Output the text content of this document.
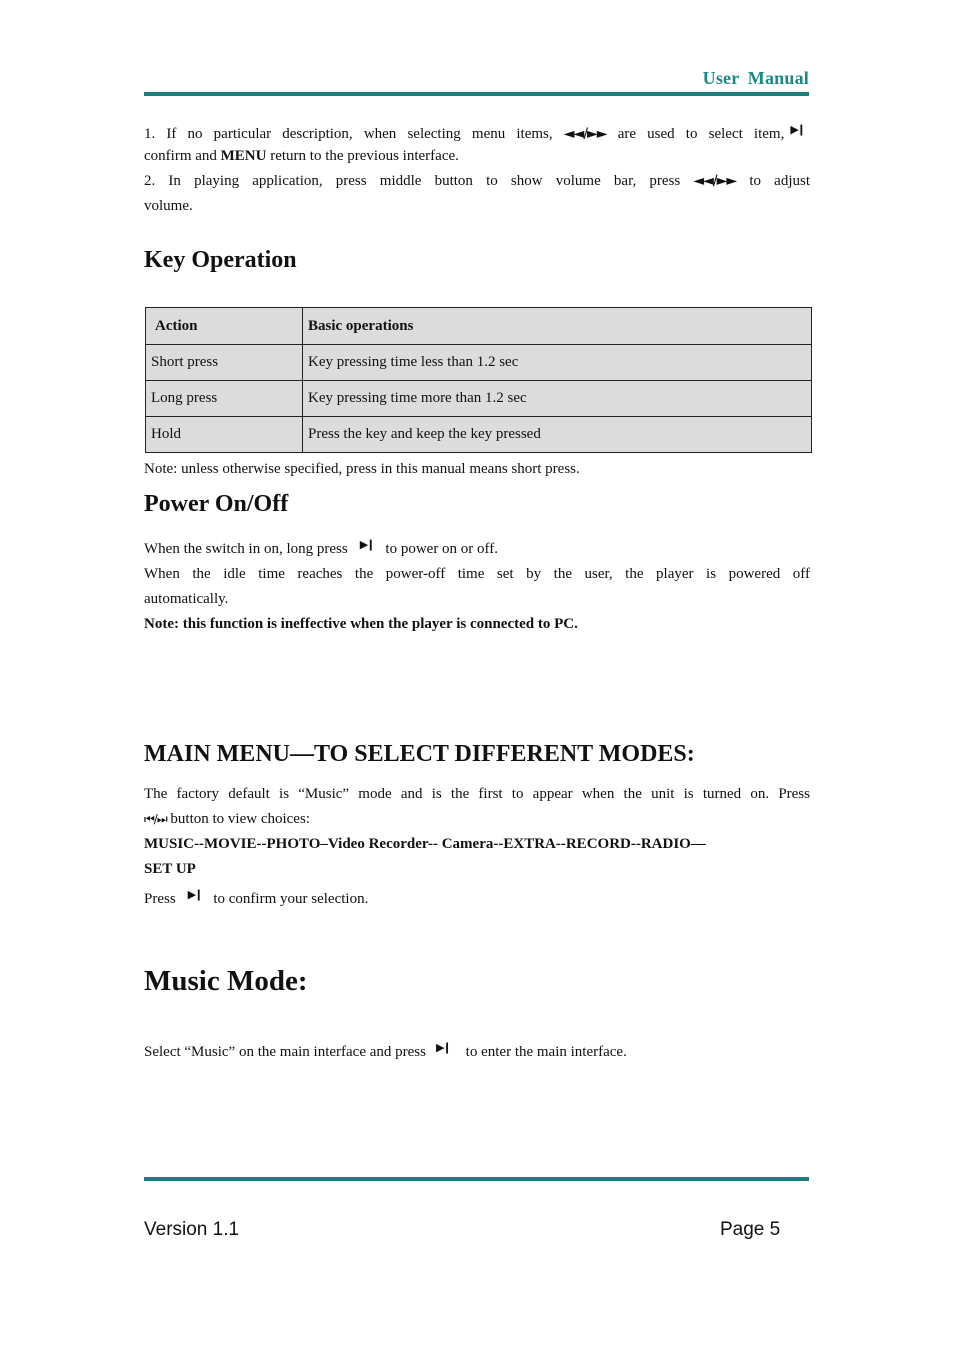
User Manual
1. If no particular description, when selecting menu items, ◄◄/►► are used to select item, ▶❙
confirm and MENU return to the previous interface.
2. In playing application, press middle button to show volume bar, press ◄◄/►► to adjust
volume.
Key Operation
Action	Basic operations
Short press	Key pressing time less than 1.2 sec
Long press	Key pressing time more than 1.2 sec
Hold	Press the key and keep the key pressed
Note: unless otherwise specified, press in this manual means short press.
Power On/Off
When the switch in on, long press ▶❙ to power on or off.
When the idle time reaches the power-off time set by the user, the player is powered off
automatically.
Note: this function is ineffective when the player is connected to PC.
MAIN MENU—TO SELECT DIFFERENT MODES:
The factory default is “Music” mode and is the first to appear when the unit is turned on. Press
⏮/⏭ button to view choices:
MUSIC--MOVIE--PHOTO–Video Recorder-- Camera--EXTRA--RECORD--RADIO—
SET UP
Press ▶❙ to confirm your selection.
Music Mode:
Select “Music” on the main interface and press ▶❙ to enter the main interface.
Version 1.1	Page 5
